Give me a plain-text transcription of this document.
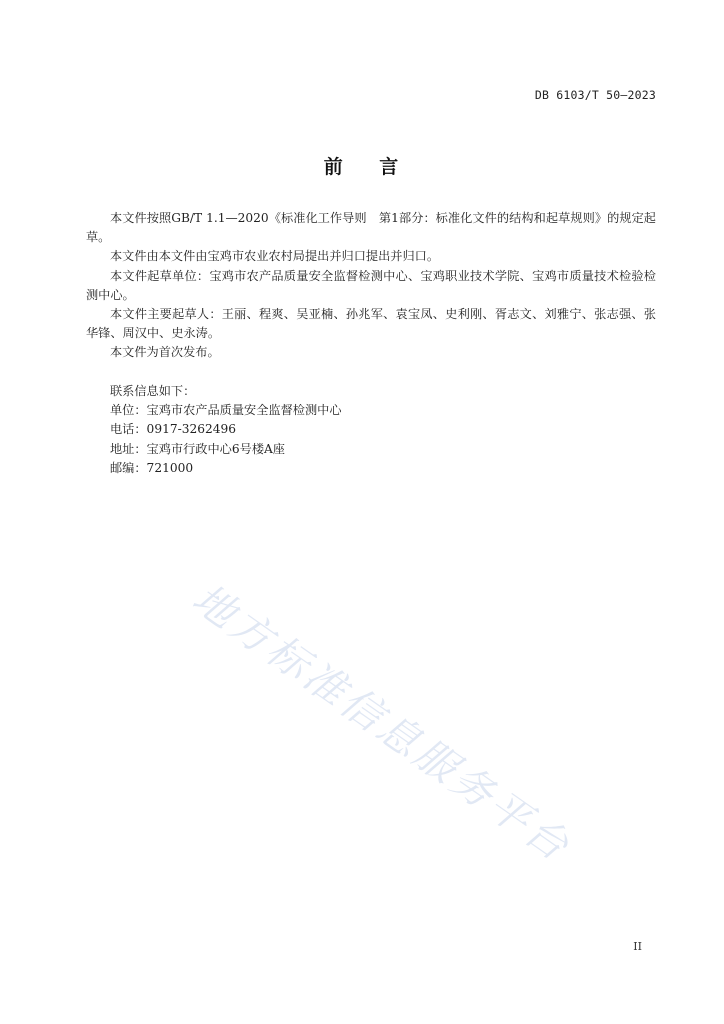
DB 6103/T 50—2023
前    言

本文件按照GB/T 1.1—2020《标准化工作导则　第1部分：标准化文件的结构和起草规则》的规定起草。

本文件由本文件由宝鸡市农业农村局提出并归口提出并归口。

本文件起草单位：宝鸡市农产品质量安全监督检测中心、宝鸡职业技术学院、宝鸡市质量技术检验检测中心。

本文件主要起草人：王丽、程爽、吴亚楠、孙兆军、袁宝凤、史利刚、胥志文、刘雅宁、张志强、张华锋、周汉中、史永涛。

本文件为首次发布。

联系信息如下：
单位：宝鸡市农产品质量安全监督检测中心
电话：0917-3262496
地址：宝鸡市行政中心6号楼A座
邮编：721000
地方标准信息服务平台
II
